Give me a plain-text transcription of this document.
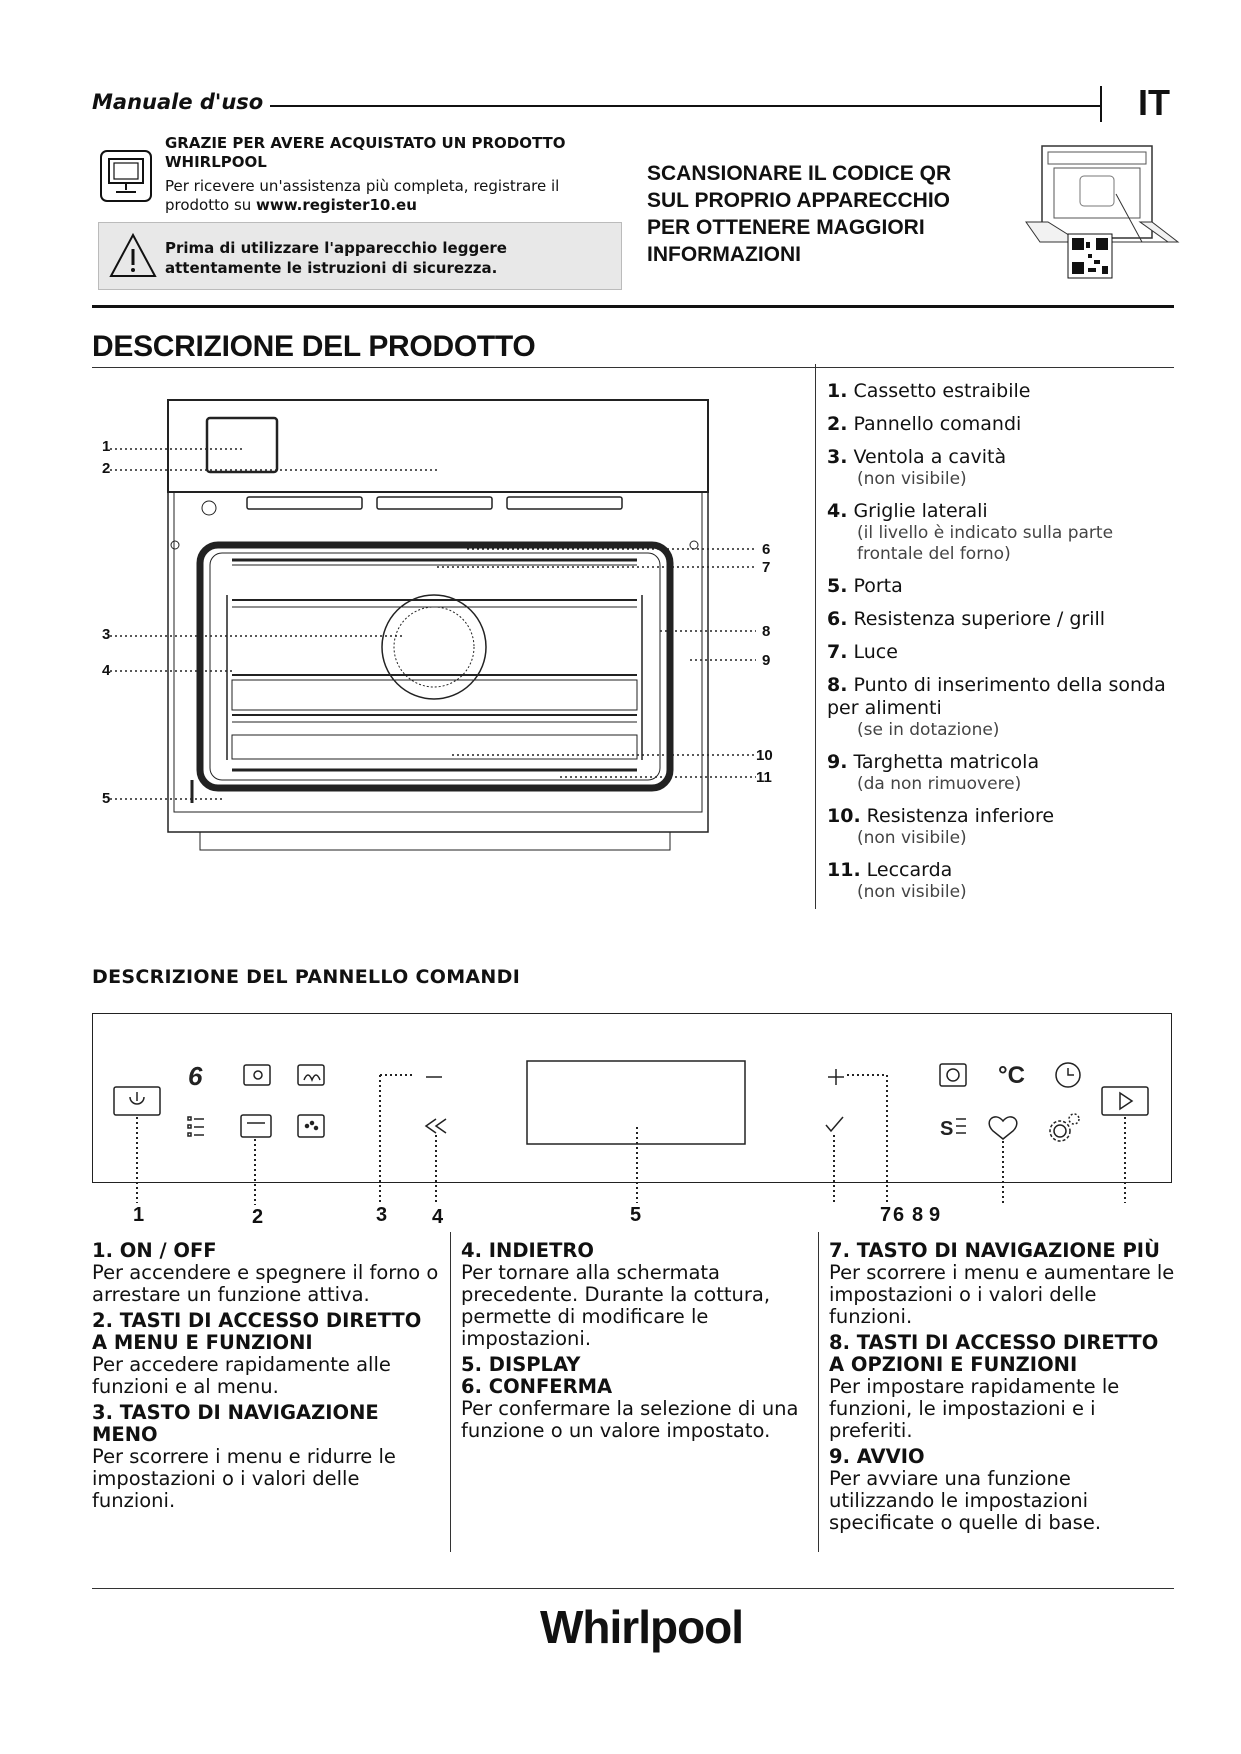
Manuale d'uso	IT
GRAZIE PER AVERE ACQUISTATO UN PRODOTTO WHIRLPOOL
Per ricevere un'assistenza più completa, registrare il prodotto su www.register10.eu
Prima di utilizzare l'apparecchio leggere attentamente le istruzioni di sicurezza.
SCANSIONARE IL CODICE QR SUL PROPRIO APPARECCHIO PER OTTENERE MAGGIORI INFORMAZIONI
DESCRIZIONE DEL PRODOTTO
1
2
3
4
5
6
7
8
9
10
11
1. Cassetto estraibile
2. Pannello comandi
3. Ventola a cavità
(non visibile)
4. Griglie laterali
(il livello è indicato sulla parte frontale del forno)
5. Porta
6. Resistenza superiore / grill
7. Luce
8. Punto di inserimento della sonda per alimenti
(se in dotazione)
9. Targhetta matricola
(da non rimuovere)
10. Resistenza inferiore
(non visibile)
11. Leccarda
(non visibile)
DESCRIZIONE DEL PANNELLO COMANDI
6	°C
S
1	2	3 4	5	7 6 8 9
1. ON / OFF

Per accendere e spegnere il forno o arrestare un funzione attiva.

2. TASTI DI ACCESSO DIRETTO A MENU E FUNZIONI

Per accedere rapidamente alle funzioni e al menu.

3. TASTO DI NAVIGAZIONE MENO

Per scorrere i menu e ridurre le impostazioni o i valori delle funzioni.

4. INDIETRO

Per tornare alla schermata precedente. Durante la cottura, permette di modificare le impostazioni.

5. DISPLAY
6. CONFERMA

Per confermare la selezione di una funzione o un valore impostato.

7. TASTO DI NAVIGAZIONE PIÙ

Per scorrere i menu e aumentare le impostazioni o i valori delle funzioni.

8. TASTI DI ACCESSO DIRETTO A OPZIONI E FUNZIONI

Per impostare rapidamente le funzioni, le impostazioni e i preferiti.

9. AVVIO

Per avviare una funzione utilizzando le impostazioni specificate o quelle di base.

Whirlpool
